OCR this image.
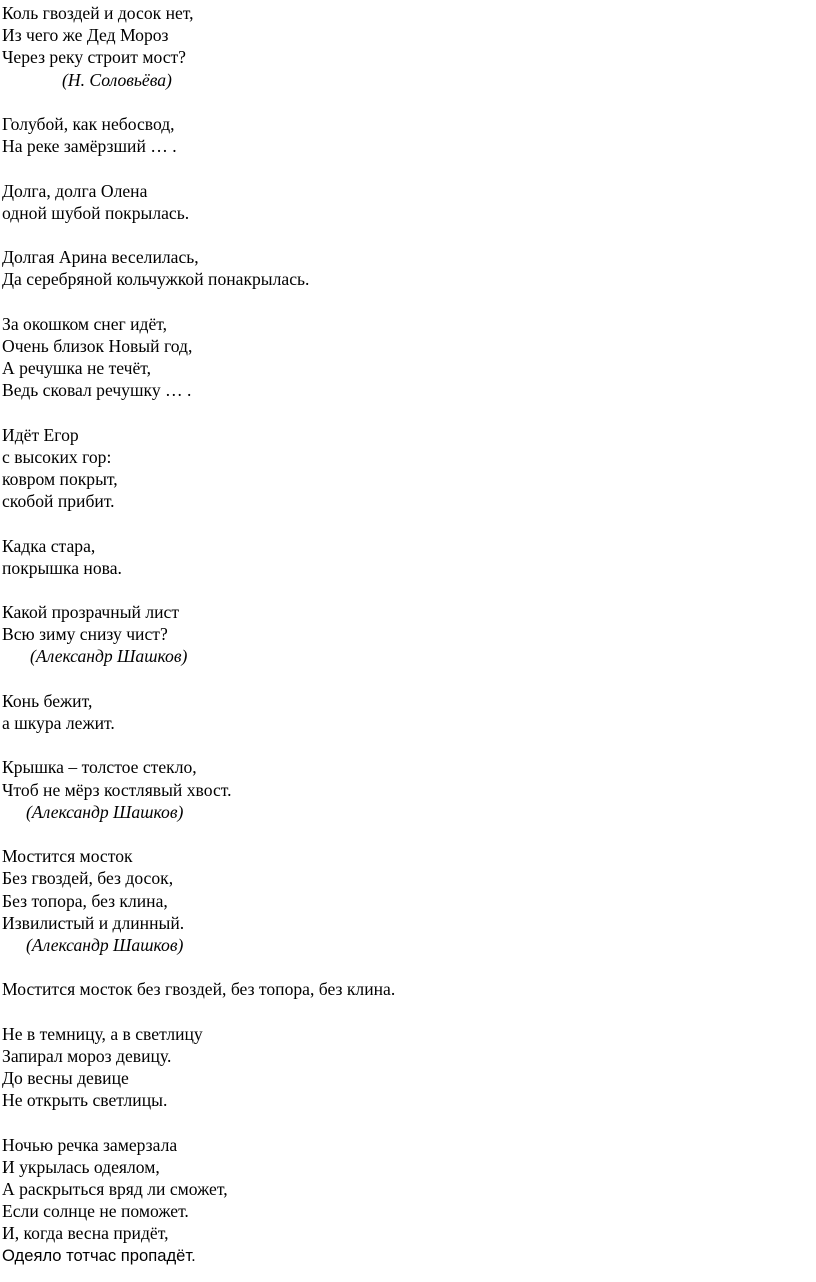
Коль гвоздей и досок нет,
Из чего же Дед Мороз
Через реку строит мост?
(Н. Соловьёва)
Голубой, как небосвод,
На реке замёрзший … .
Долга, долга Олена
одной шубой покрылась.
Долгая Арина веселилась,
Да серебряной кольчужкой понакрылась.
За окошком снег идёт,
Очень близок Новый год,
А речушка не течёт,
Ведь сковал речушку … .
Идёт Егор
с высоких гор:
ковром покрыт,
скобой прибит.
Кадка стара,
покрышка нова.
Какой прозрачный лист
Всю зиму снизу чист?
(Александр Шашков)
Конь бежит,
а шкура лежит.
Крышка – толстое стекло,
Чтоб не мёрз костлявый хвост.
(Александр Шашков)
Мостится мосток
Без гвоздей, без досок,
Без топора, без клина,
Извилистый и длинный.
(Александр Шашков)
Мостится мосток без гвоздей, без топора, без клина.
Не в темницу, а в светлицу
Запирал мороз девицу.
До весны девице
Не открыть светлицы.
Ночью речка замерзала
И укрылась одеялом,
А раскрыться вряд ли сможет,
Если солнце не поможет.
И, когда весна придёт,
Одеяло тотчас пропадёт.
